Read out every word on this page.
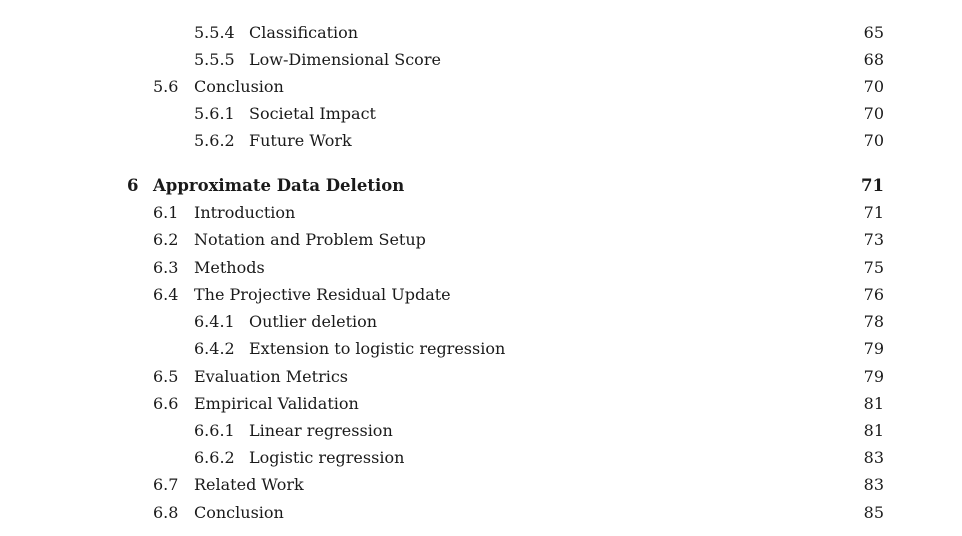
5.5.4 Classification	65
5.5.5 Low-Dimensional Score	68
5.6 Conclusion	70
5.6.1 Societal Impact	70
5.6.2 Future Work	70
6 Approximate Data Deletion	71
6.1 Introduction	71
6.2 Notation and Problem Setup	73
6.3 Methods	75
6.4 The Projective Residual Update	76
6.4.1 Outlier deletion	78
6.4.2 Extension to logistic regression	79
6.5 Evaluation Metrics	79
6.6 Empirical Validation	81
6.6.1 Linear regression	81
6.6.2 Logistic regression	83
6.7 Related Work	83
6.8 Conclusion	85
